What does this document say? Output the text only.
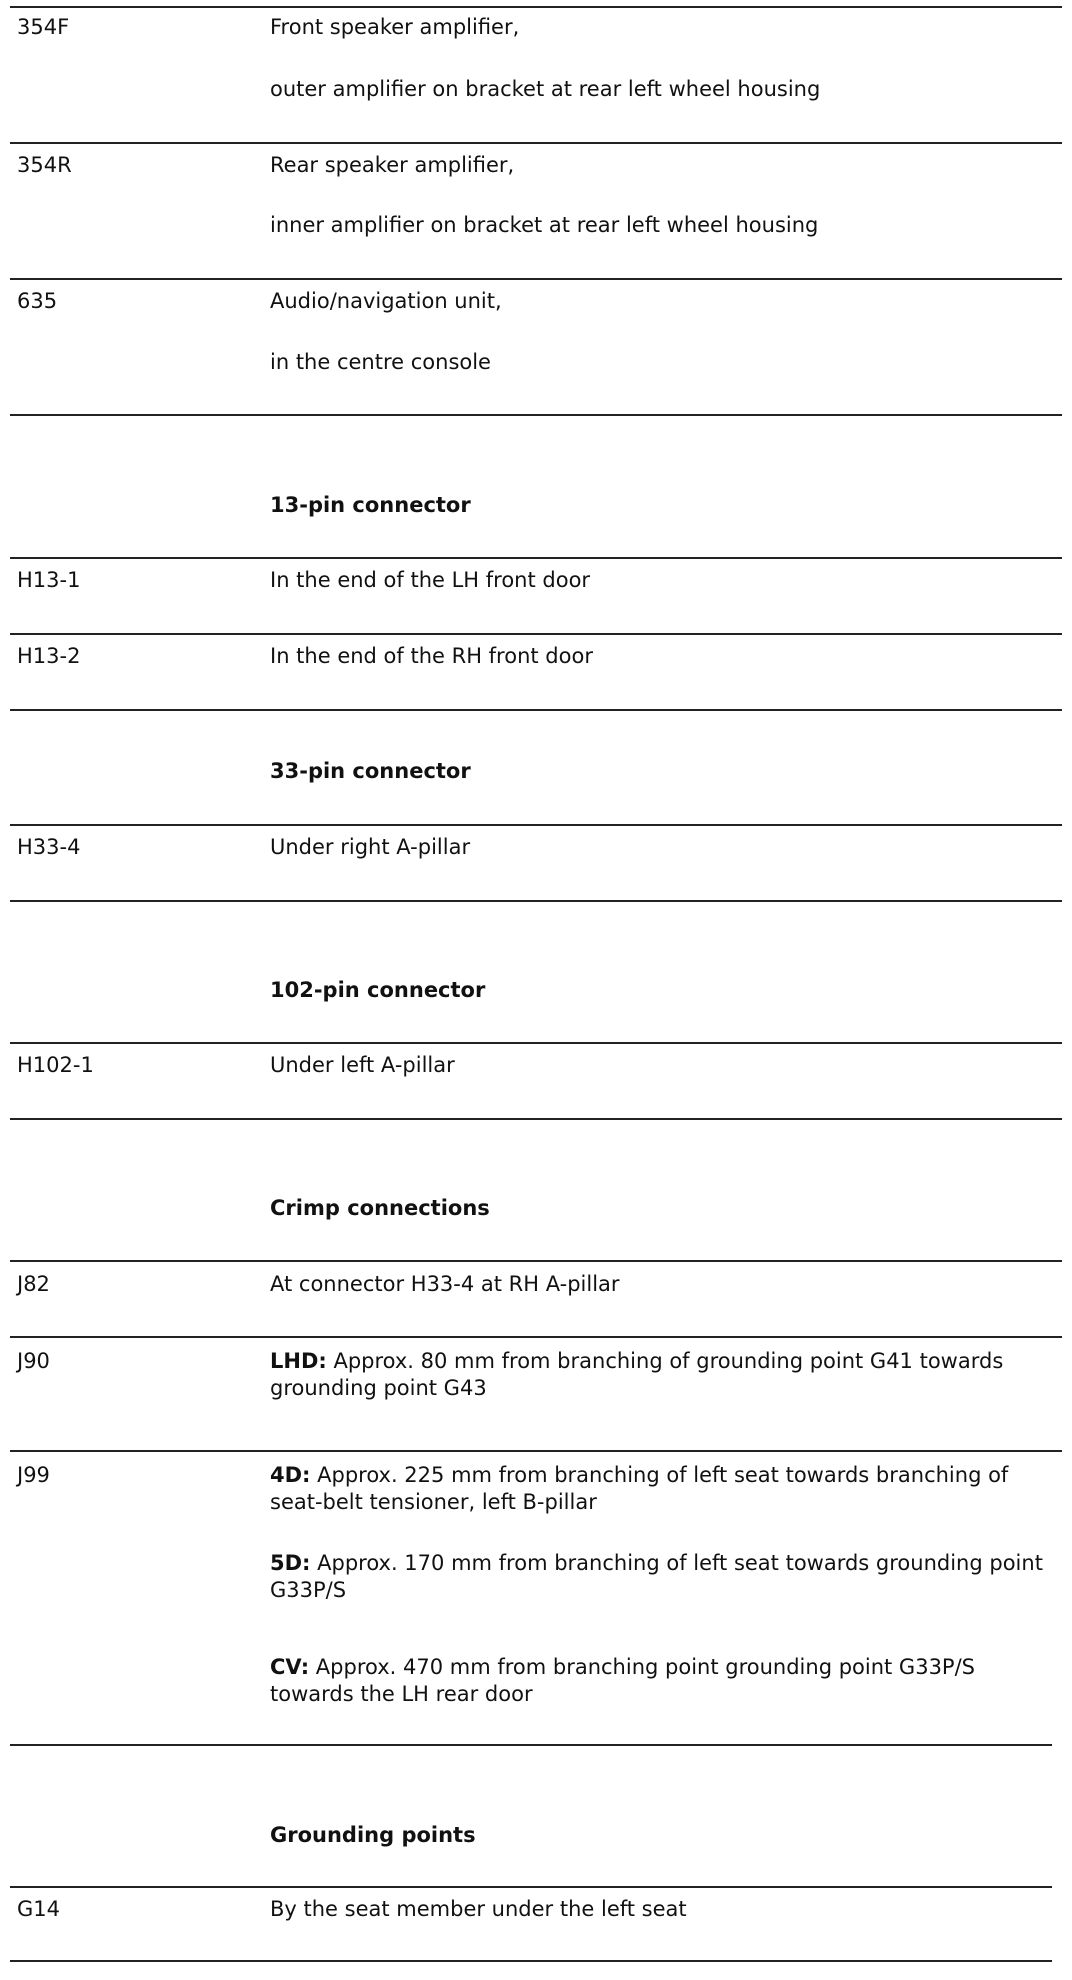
354F	Front speaker amplifier,
outer amplifier on bracket at rear left wheel housing
354R	Rear speaker amplifier,
inner amplifier on bracket at rear left wheel housing
635	Audio/navigation unit,
in the centre console
13-pin connector
H13-1	In the end of the LH front door
H13-2	In the end of the RH front door
33-pin connector
H33-4	Under right A-pillar
102-pin connector
H102-1	Under left A-pillar
Crimp connections
J82	At connector H33-4 at RH A-pillar
J90	LHD: Approx. 80 mm from branching of grounding point G41 towards grounding point G43
J99	4D: Approx. 225 mm from branching of left seat towards branching of seat-belt tensioner, left B-pillar
5D: Approx. 170 mm from branching of left seat towards grounding point G33P/S
CV: Approx. 470 mm from branching point grounding point G33P/S towards the LH rear door
Grounding points
G14	By the seat member under the left seat
